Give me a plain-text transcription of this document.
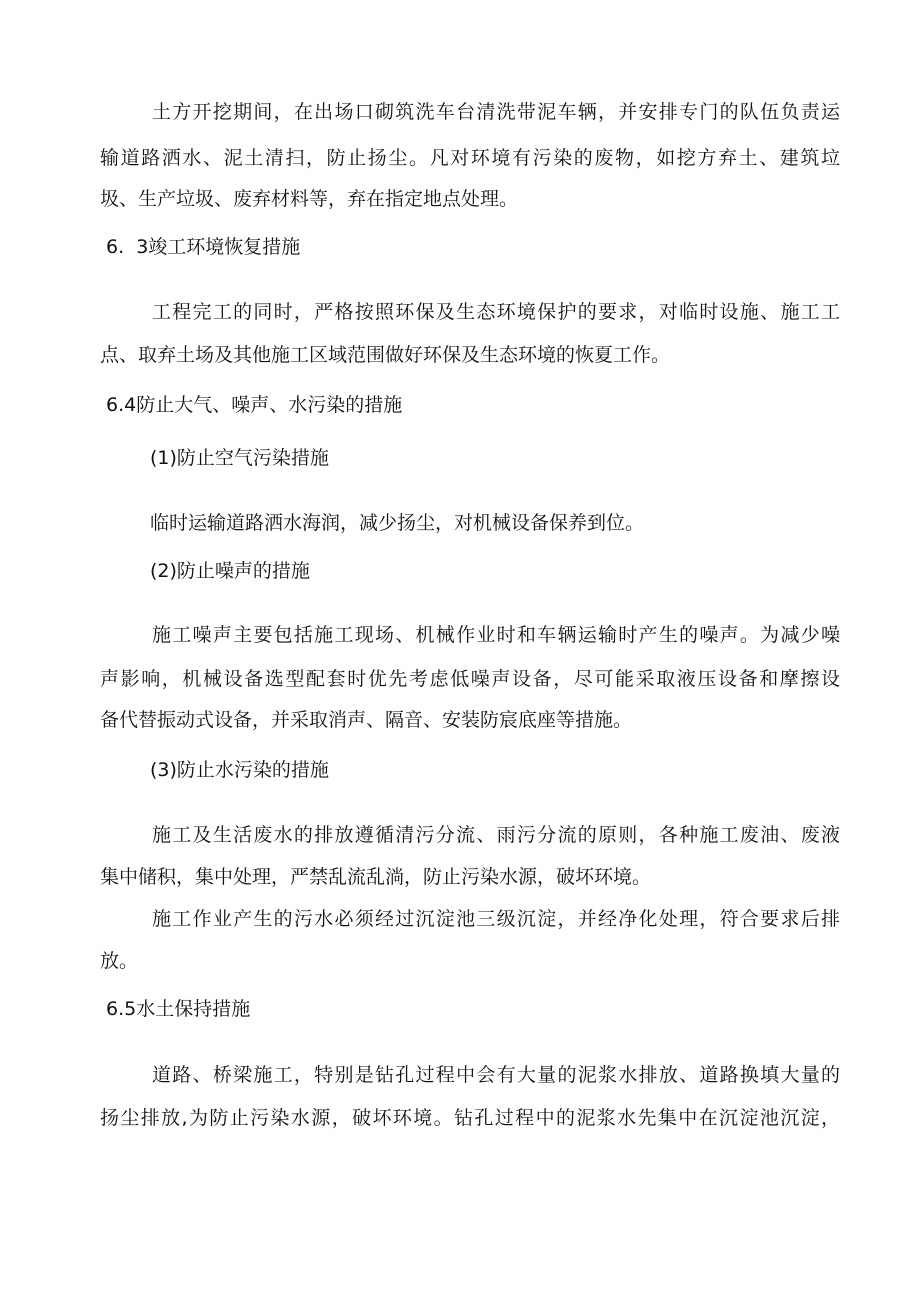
土方开挖期间，在出场口砌筑洗车台清洗带泥车辆，并安排专门的队伍负责运
输道路洒水、泥土清扫，防止扬尘。凡对环境有污染的废物，如挖方弃土、建筑垃
圾、生产垃圾、废弃材料等，弃在指定地点处理。
6.  3竣工环境恢复措施
工程完工的同时，严格按照环保及生态环境保护的要求，对临时设施、施工工
点、取弃土场及其他施工区域范围做好环保及生态环境的恢夏工作。
6.4防止大气、噪声、水污染的措施
(1)防止空气污染措施
临时运输道路洒水海润，减少扬尘，对机械设备保养到位。
(2)防止噪声的措施
施工噪声主要包括施工现场、机械作业时和车辆运输时产生的噪声。为减少噪
声影响，机械设备选型配套时优先考虑低噪声设备，尽可能采取液压设备和摩擦设
备代替振动式设备，并采取消声、隔音、安装防宸底座等措施。
(3)防止水污染的措施
施工及生活废水的排放遵循清污分流、雨污分流的原则，各种施工废油、废液
集中储积，集中处理，严禁乱流乱淌，防止污染水源，破坏环境。
施工作业产生的污水必须经过沉淀池三级沉淀，并经净化处理，符合要求后排
放。
6.5水土保持措施
道路、桥梁施工，特别是钻孔过程中会有大量的泥浆水排放、道路换填大量的
扬尘排放,为防止污染水源，破坏环境。钻孔过程中的泥浆水先集中在沉淀池沉淀，
